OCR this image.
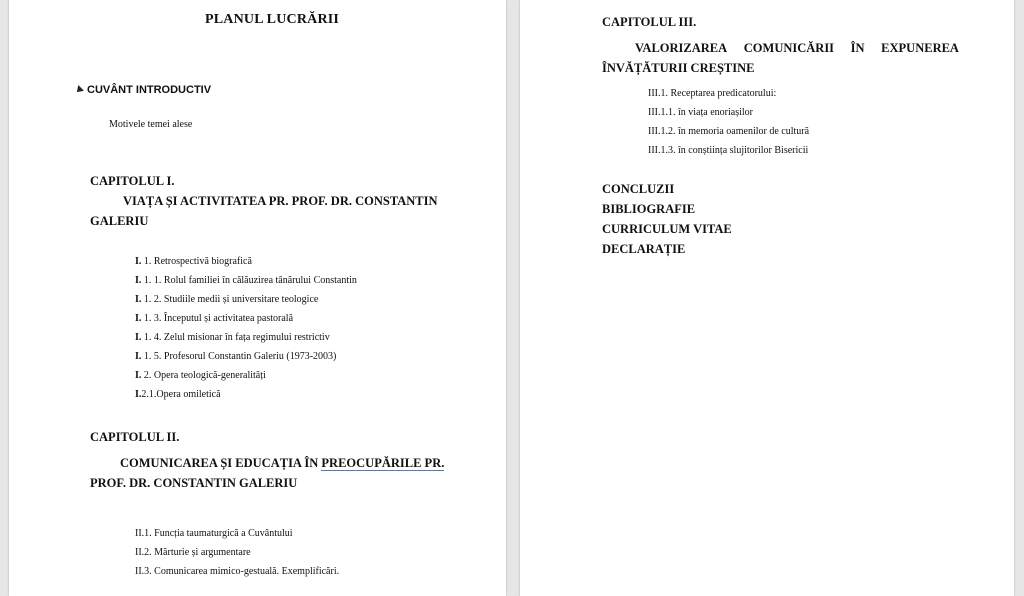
PLANUL LUCRĂRII
CUVÂNT INTRODUCTIV
Motivele temei alese
CAPITOLUL I.
VIAȚA ȘI ACTIVITATEA PR. PROF. DR. CONSTANTIN
GALERIU
I. 1. Retrospectivă biografică
I. 1. 1. Rolul familiei în călăuzirea tânărului Constantin
I. 1. 2. Studiile medii și universitare teologice
I. 1. 3. Începutul și activitatea pastorală
I. 1. 4. Zelul misionar în fața regimului restrictiv
I. 1. 5. Profesorul Constantin Galeriu (1973-2003)
I. 2. Opera teologică-generalități
I.2.1.Opera omiletică
CAPITOLUL II.
COMUNICAREA ȘI EDUCAȚIA ÎN PREOCUPĂRILE PR.
PROF. DR. CONSTANTIN GALERIU
II.1. Funcția taumaturgică a Cuvântului
II.2. Mărturie și argumentare
II.3. Comunicarea mimico-gestuală. Exemplificări.
CAPITOLUL III.
VALORIZAREA COMUNICĂRII ÎN EXPUNEREA
ÎNVĂȚĂTURII CREȘTINE
III.1. Receptarea predicatorului:
III.1.1. în viața enoriașilor
III.1.2. în memoria oamenilor de cultură
III.1.3. în conștiința slujitorilor Bisericii
CONCLUZII
BIBLIOGRAFIE
CURRICULUM VITAE
DECLARAȚIE
